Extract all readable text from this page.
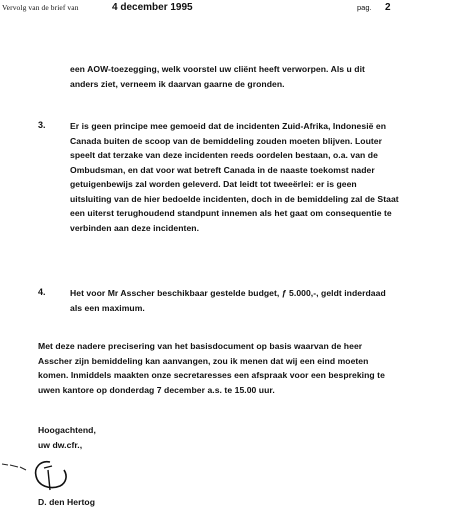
Vervolg van de brief van	4 december 1995	pag. 2
een AOW-toezegging, welk voorstel uw cliënt heeft verworpen. Als u dit
anders ziet, verneem ik daarvan gaarne de gronden.
3.	Er is geen principe mee gemoeid dat de incidenten Zuid-Afrika, Indonesië en
Canada buiten de scoop van de bemiddeling zouden moeten blijven. Louter
speelt dat terzake van deze incidenten reeds oordelen bestaan, o.a. van de
Ombudsman, en dat voor wat betreft Canada in de naaste toekomst nader
getuigenbewijs zal worden geleverd. Dat leidt tot tweeërlei: er is geen
uitsluiting van de hier bedoelde incidenten, doch in de bemiddeling zal de Staat
een uiterst terughoudend standpunt innemen als het gaat om consequentie te
verbinden aan deze incidenten.
4.	Het voor Mr Asscher beschikbaar gestelde budget, ƒ 5.000,-, geldt inderdaad
als een maximum.
Met deze nadere precisering van het basisdocument op basis waarvan de heer
Asscher zijn bemiddeling kan aanvangen, zou ik menen dat wij een eind moeten
komen. Inmiddels maakten onze secretaresses een afspraak voor een bespreking te
uwen kantore op donderdag 7 december a.s. te 15.00 uur.
Hoogachtend,
uw dw.cfr.,
D. den Hertog
